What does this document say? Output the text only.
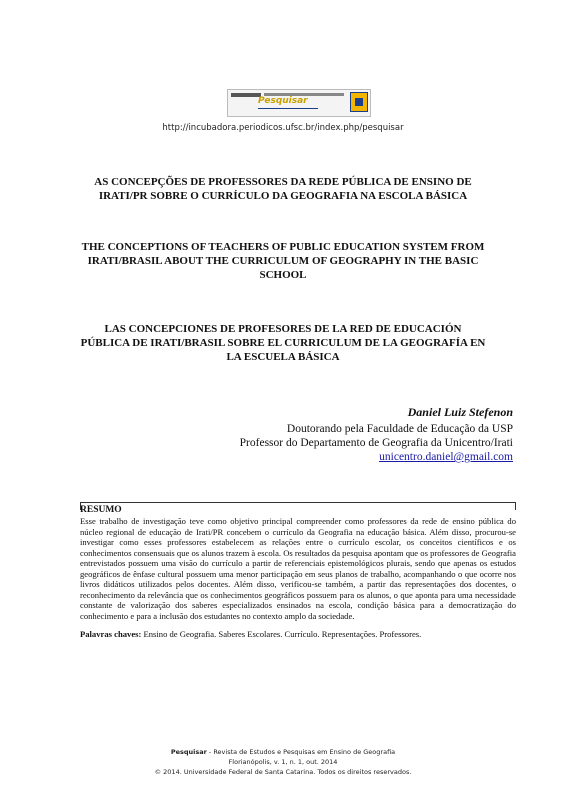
Pesquisar
http://incubadora.periodicos.ufsc.br/index.php/pesquisar
AS CONCEPÇÕES DE PROFESSORES DA REDE PÚBLICA DE ENSINO DE IRATI/PR SOBRE O CURRÍCULO DA GEOGRAFIA NA ESCOLA BÁSICA
THE CONCEPTIONS OF TEACHERS OF PUBLIC EDUCATION SYSTEM FROM IRATI/BRASIL ABOUT THE CURRICULUM OF GEOGRAPHY IN THE BASIC SCHOOL
LAS CONCEPCIONES DE PROFESORES DE LA RED DE EDUCACIÓN PÚBLICA DE IRATI/BRASIL SOBRE EL CURRICULUM DE LA GEOGRAFÍA EN LA ESCUELA BÁSICA
Daniel Luiz Stefenon
Doutorando pela Faculdade de Educação da USP
Professor do Departamento de Geografia da Unicentro/Irati
unicentro.daniel@gmail.com
RESUMO

Esse trabalho de investigação teve como objetivo principal compreender como professores da rede de ensino pública do núcleo regional de educação de Irati/PR concebem o currículo da Geografia na educação básica. Além disso, procurou-se investigar como esses professores estabelecem as relações entre o currículo escolar, os conceitos científicos e os conhecimentos consensuais que os alunos trazem à escola. Os resultados da pesquisa apontam que os professores de Geografia entrevistados possuem uma visão do currículo a partir de referenciais epistemológicos plurais, sendo que apenas os estudos geográficos de ênfase cultural possuem uma menor participação em seus planos de trabalho, acompanhando o que ocorre nos livros didáticos utilizados pelos docentes. Além disso, verificou-se também, a partir das representações dos docentes, o reconhecimento da relevância que os conhecimentos geográficos possuem para os alunos, o que aponta para uma necessidade constante de valorização dos saberes especializados ensinados na escola, condição básica para a democratização do conhecimento e para a inclusão dos estudantes no contexto amplo da sociedade.

Palavras chaves: Ensino de Geografia. Saberes Escolares. Currículo. Representações. Professores.

Pesquisar - Revista de Estudos e Pesquisas em Ensino de Geografia
Florianópolis, v. 1, n. 1, out. 2014
© 2014. Universidade Federal de Santa Catarina. Todos os direitos reservados.
